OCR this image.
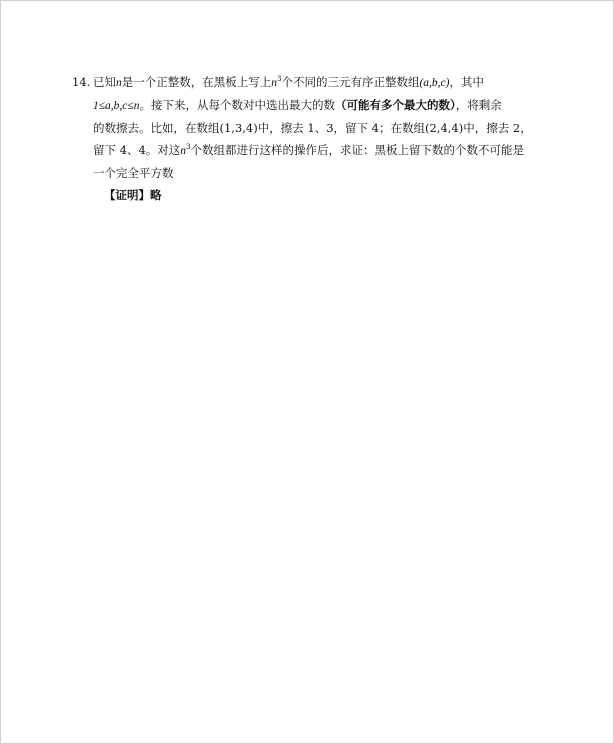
14. 已知n是一个正整数，在黑板上写上$n^3$个不同的三元有序正整数组(a,b,c)，其中
1≤a,b,c≤n。接下来，从每个数对中选出最大的数（可能有多个最大的数），将剩余
的数擦去。比如，在数组(1,3,4)中，擦去 1、3，留下 4；在数组(2,4,4)中，擦去 2，
留下 4、4。对这$n^3$个数组都进行这样的操作后，求证：黑板上留下数的个数不可能是
一个完全平方数
【证明】略
